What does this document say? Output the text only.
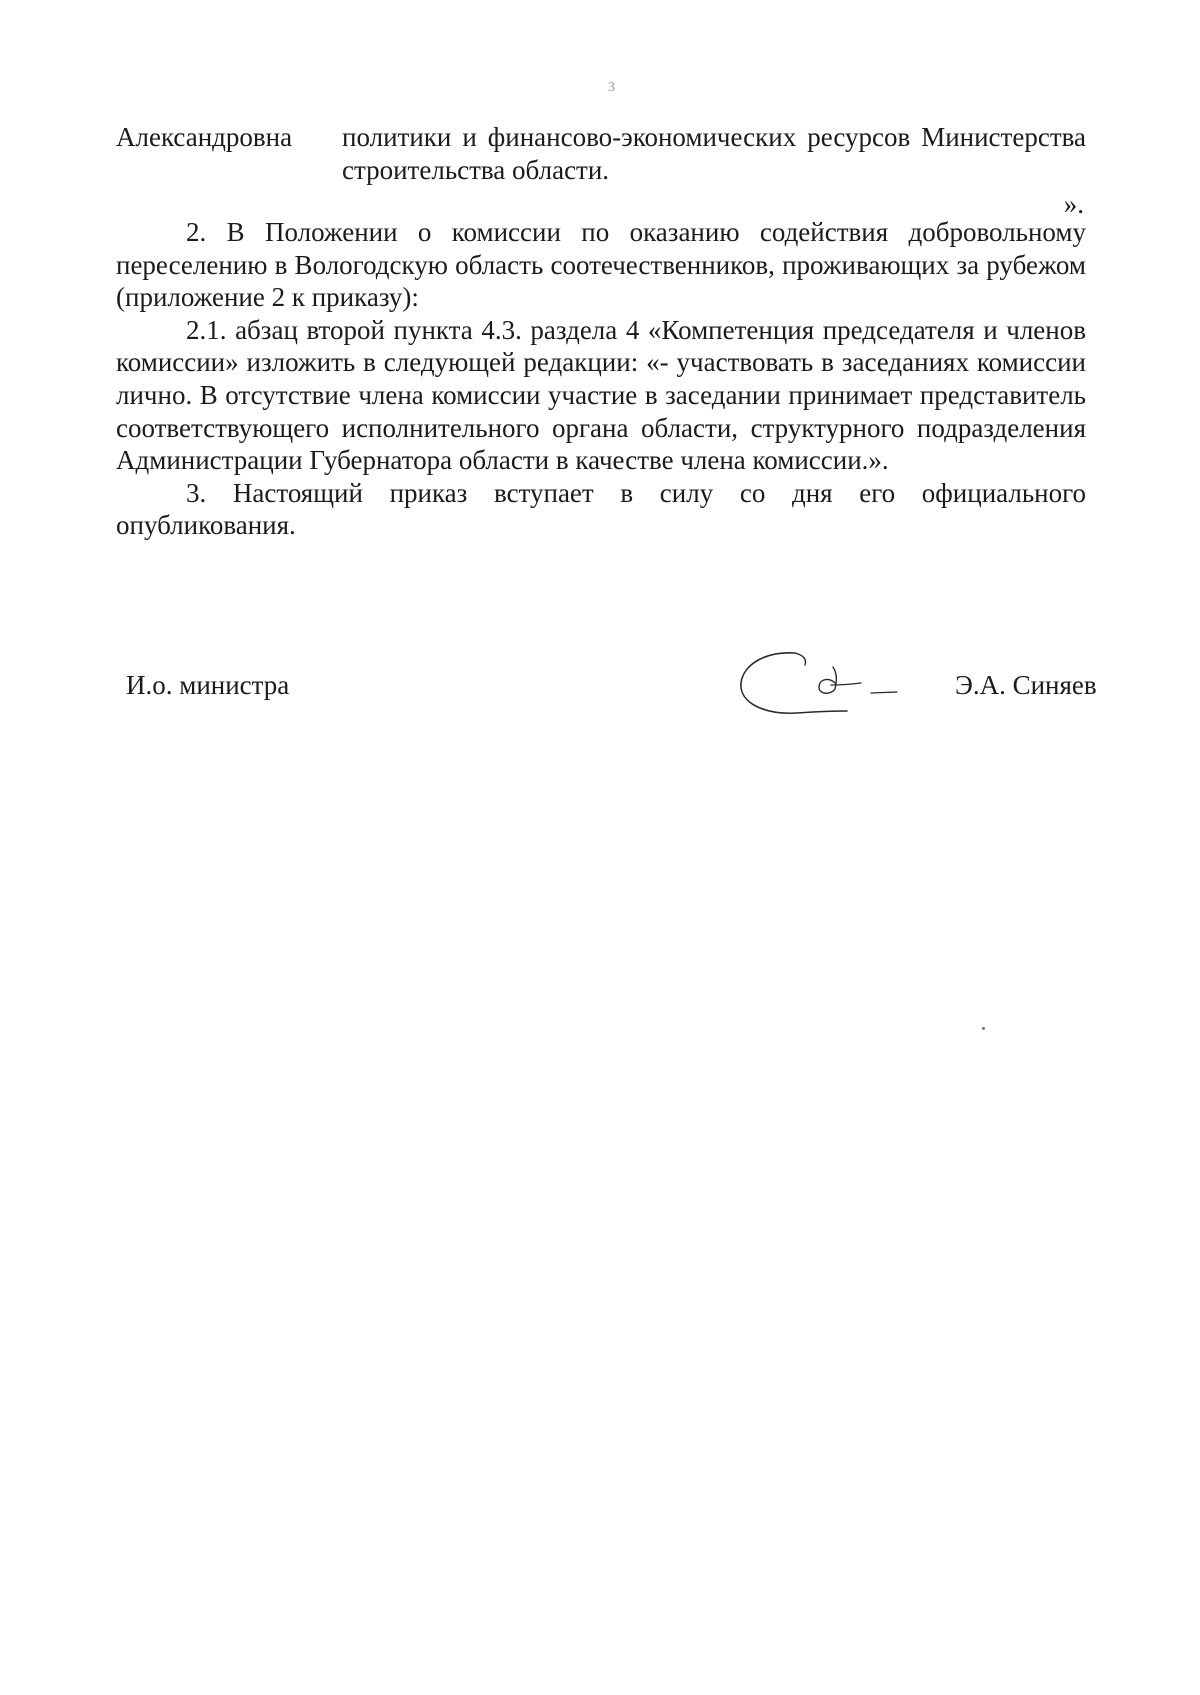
3
Александровна политики и финансово-экономических ресурсов Министерства строительства области.
».

2. В Положении о комиссии по оказанию содействия добровольному переселению в Вологодскую область соотечественников, проживающих за рубежом (приложение 2 к приказу):

2.1. абзац второй пункта 4.3. раздела 4 «Компетенция председателя и членов комиссии» изложить в следующей редакции: «- участвовать в заседаниях комиссии лично. В отсутствие члена комиссии участие в заседании принимает представитель соответствующего исполнительного органа области, структурного подразделения Администрации Губернатора области в качестве члена комиссии.».

3. Настоящий приказ вступает в силу со дня его официального опубликования.

И.о. министра	Э.А. Синяев
